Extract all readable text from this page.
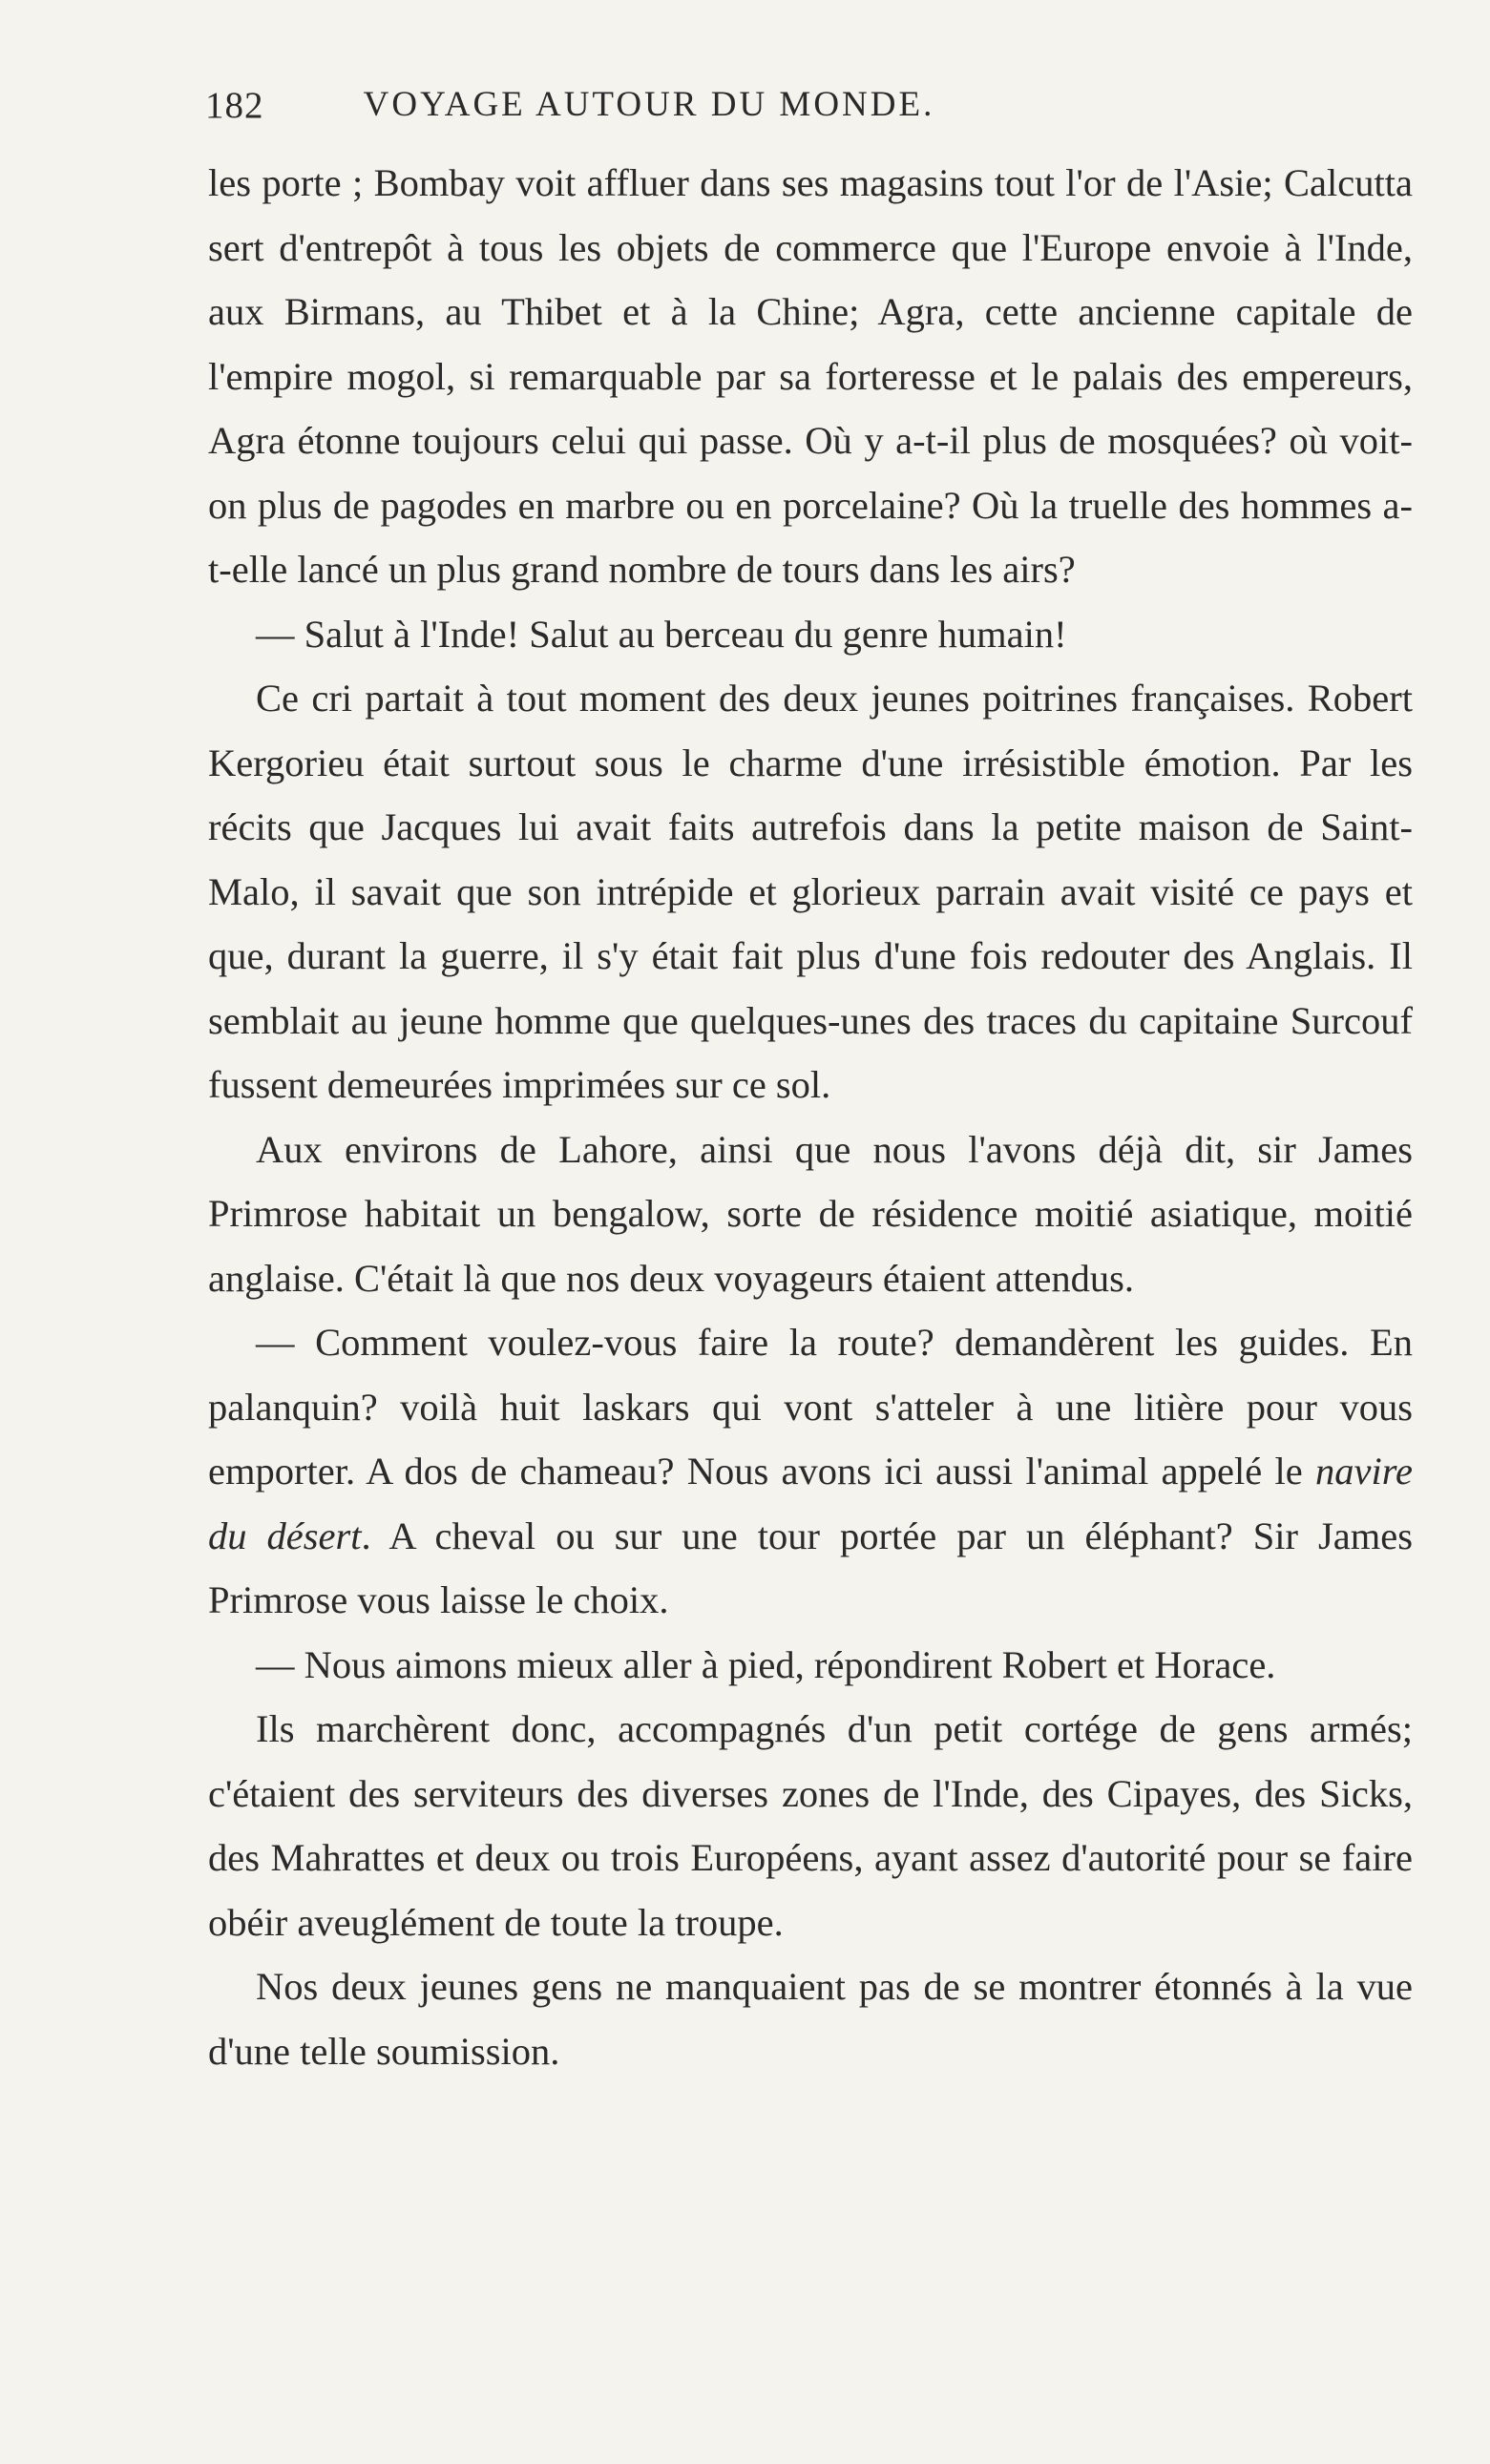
182	VOYAGE AUTOUR DU MONDE.

les porte ; Bombay voit affluer dans ses magasins tout l'or de l'Asie; Calcutta sert d'entrepôt à tous les objets de commerce que l'Europe envoie à l'Inde, aux Birmans, au Thibet et à la Chine; Agra, cette ancienne capitale de l'empire mogol, si remarquable par sa forteresse et le palais des empereurs, Agra étonne toujours celui qui passe. Où y a-t-il plus de mosquées? où voit-on plus de pagodes en marbre ou en porcelaine? Où la truelle des hommes a-t-elle lancé un plus grand nombre de tours dans les airs?

— Salut à l'Inde! Salut au berceau du genre humain!

Ce cri partait à tout moment des deux jeunes poitrines françaises. Robert Kergorieu était surtout sous le charme d'une irrésistible émotion. Par les récits que Jacques lui avait faits autrefois dans la petite maison de Saint-Malo, il savait que son intrépide et glorieux parrain avait visité ce pays et que, durant la guerre, il s'y était fait plus d'une fois redouter des Anglais. Il semblait au jeune homme que quelques-unes des traces du capitaine Surcouf fussent demeurées imprimées sur ce sol.

Aux environs de Lahore, ainsi que nous l'avons déjà dit, sir James Primrose habitait un bengalow, sorte de résidence moitié asiatique, moitié anglaise. C'était là que nos deux voyageurs étaient attendus.

— Comment voulez-vous faire la route? demandèrent les guides. En palanquin? voilà huit laskars qui vont s'atteler à une litière pour vous emporter. A dos de chameau? Nous avons ici aussi l'animal appelé le navire du désert. A cheval ou sur une tour portée par un éléphant? Sir James Primrose vous laisse le choix.

— Nous aimons mieux aller à pied, répondirent Robert et Horace.

Ils marchèrent donc, accompagnés d'un petit cortége de gens armés; c'étaient des serviteurs des diverses zones de l'Inde, des Cipayes, des Sicks, des Mahrattes et deux ou trois Européens, ayant assez d'autorité pour se faire obéir aveuglément de toute la troupe.

Nos deux jeunes gens ne manquaient pas de se montrer étonnés à la vue d'une telle soumission.
